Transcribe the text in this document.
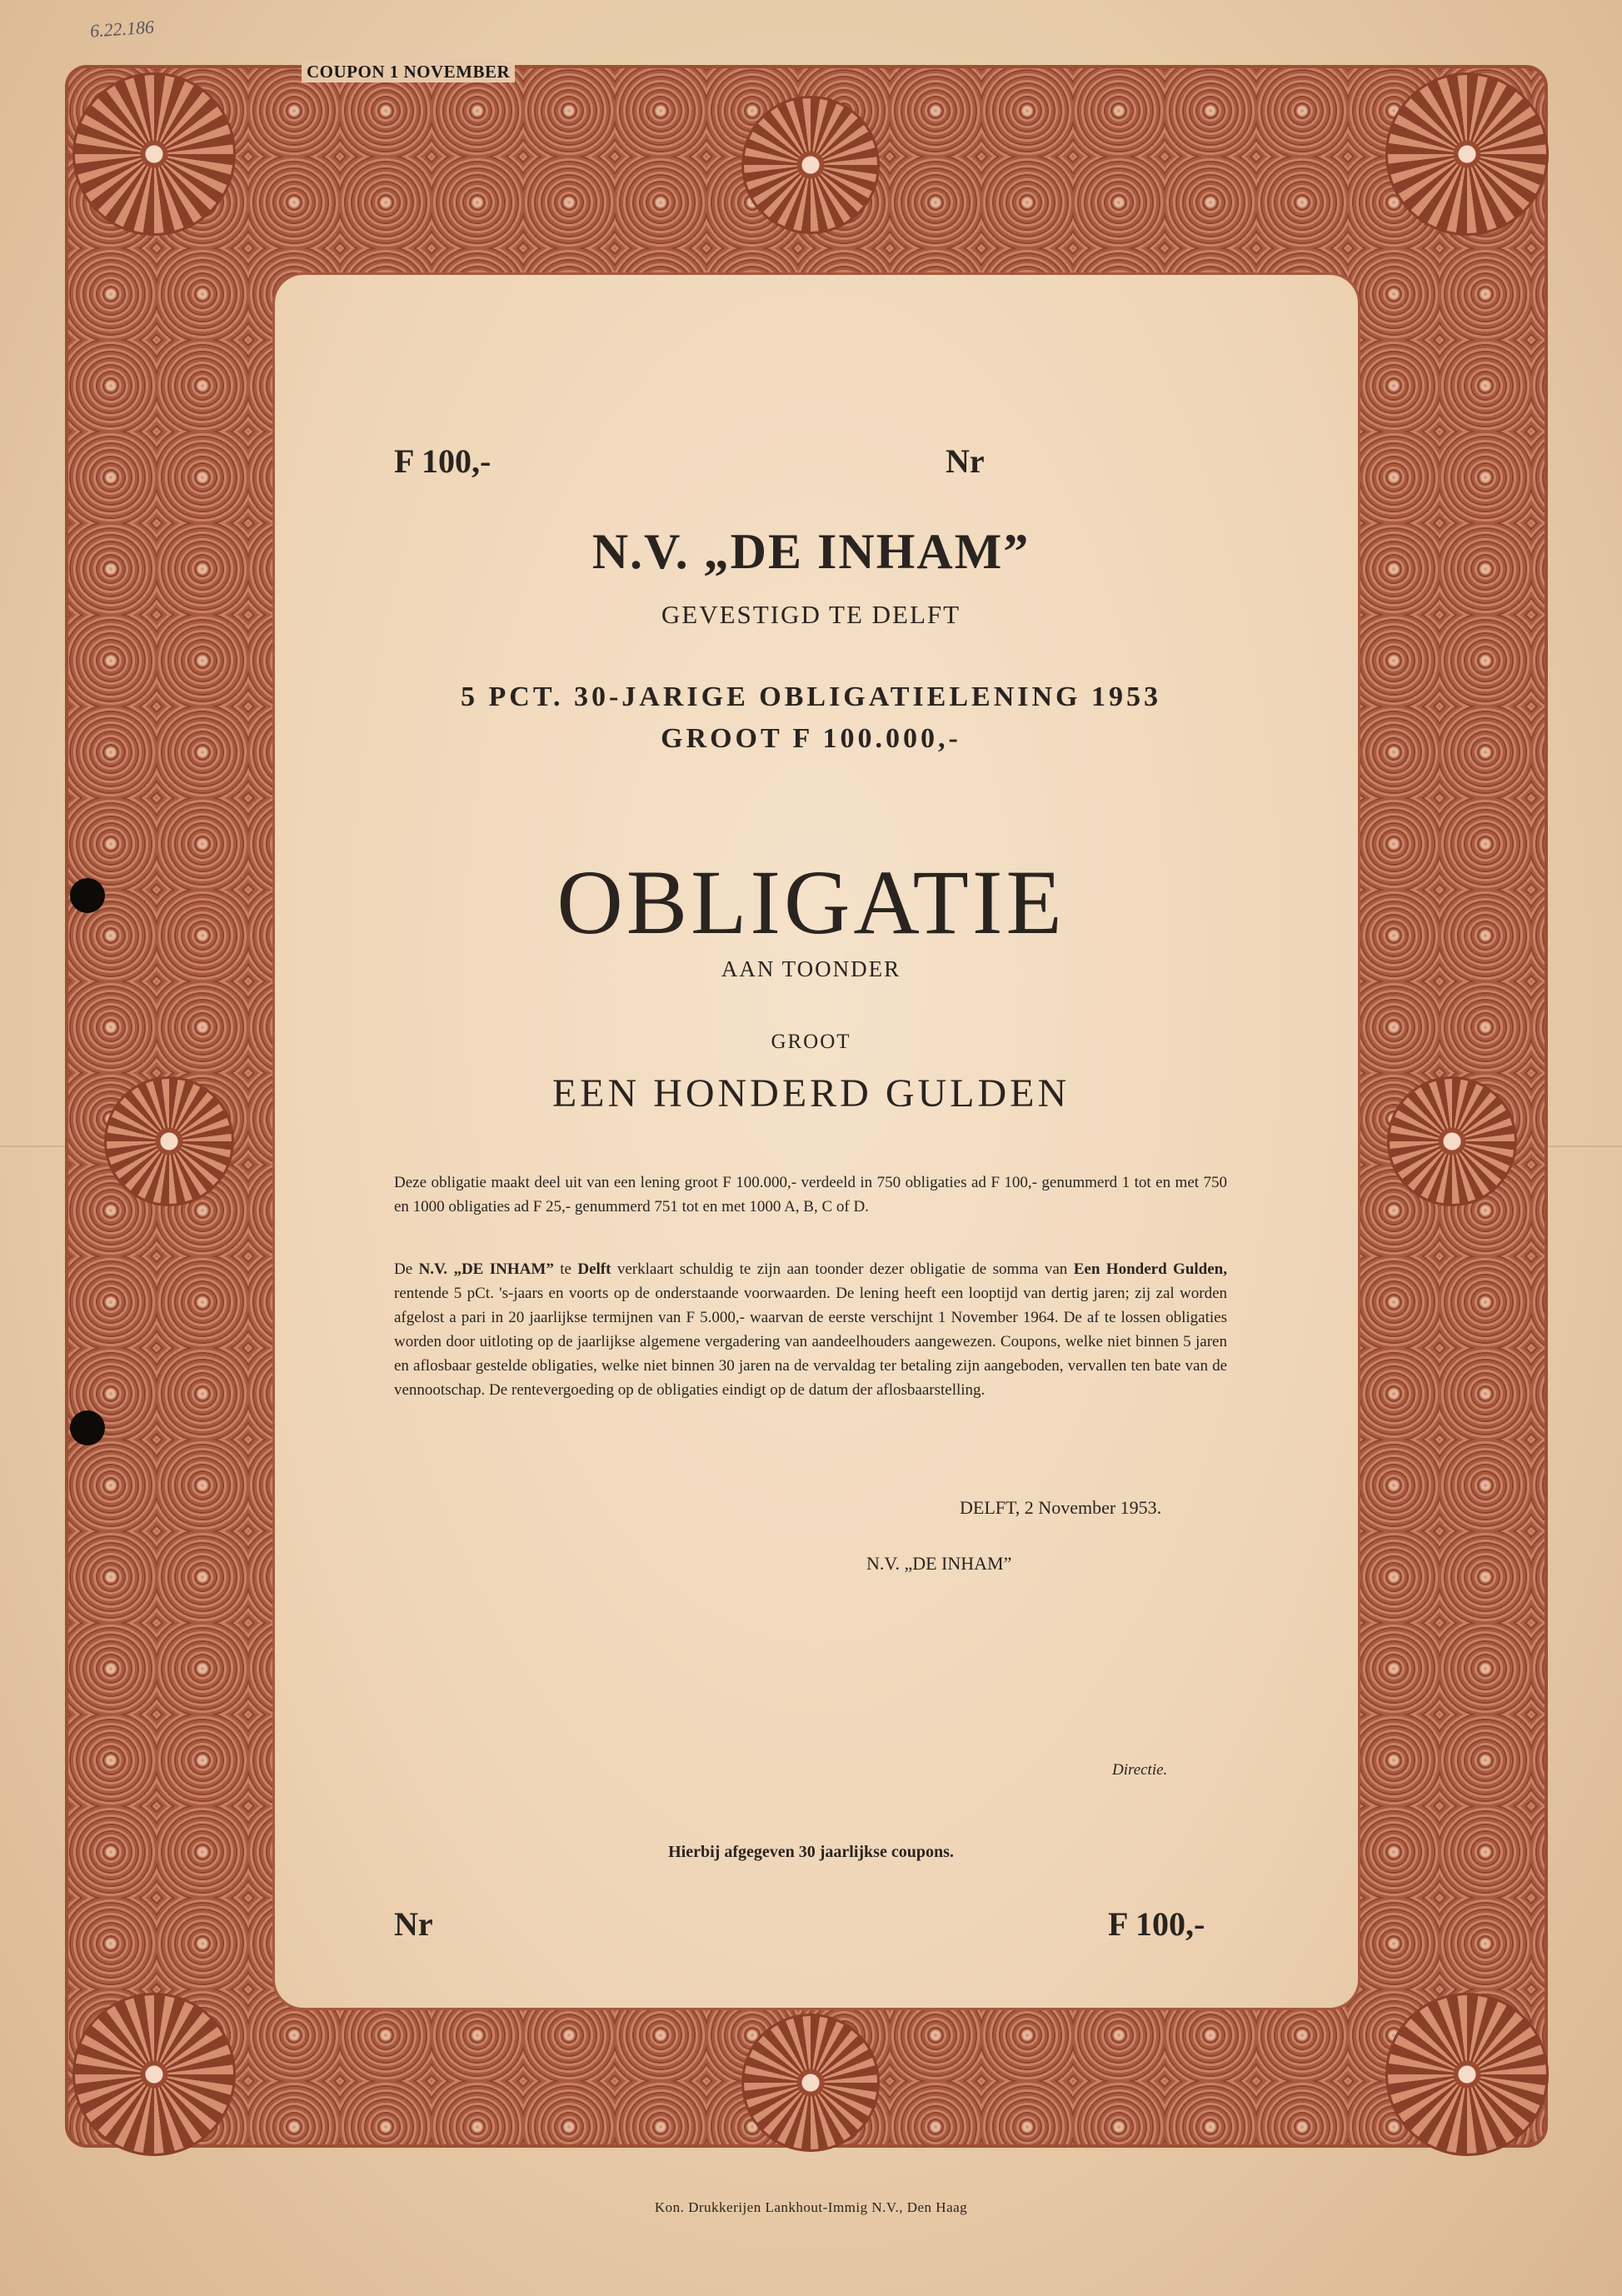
6.22.186
COUPON 1 NOVEMBER
F 100,-	Nr
N.V. „DE INHAM”
GEVESTIGD TE DELFT
5 PCT. 30-JARIGE OBLIGATIELENING 1953
GROOT F 100.000,-
OBLIGATIE
AAN TOONDER
GROOT
EEN HONDERD GULDEN
Deze obligatie maakt deel uit van een lening groot F 100.000,- verdeeld in 750 obligaties ad F 100,- genummerd 1 tot en met 750 en 1000 obligaties ad F 25,- genummerd 751 tot en met 1000 A, B, C of D.
De N.V. „DE INHAM” te Delft verklaart schuldig te zijn aan toonder dezer obligatie de somma van Een Honderd Gulden, rentende 5 pCt. 's-jaars en voorts op de onderstaande voorwaarden. De lening heeft een looptijd van dertig jaren; zij zal worden afgelost a pari in 20 jaarlijkse termijnen van F 5.000,- waarvan de eerste verschijnt 1 November 1964. De af te lossen obligaties worden door uitloting op de jaarlijkse algemene vergadering van aandeelhouders aangewezen. Coupons, welke niet binnen 5 jaren en aflosbaar gestelde obligaties, welke niet binnen 30 jaren na de vervaldag ter betaling zijn aangeboden, vervallen ten bate van de vennootschap. De rentevergoeding op de obligaties eindigt op de datum der aflosbaarstelling.
DELFT, 2 November 1953.
N.V. „DE INHAM”
Directie.
Hierbij afgegeven 30 jaarlijkse coupons.
Nr	F 100,-
Kon. Drukkerijen Lankhout-Immig N.V., Den Haag
